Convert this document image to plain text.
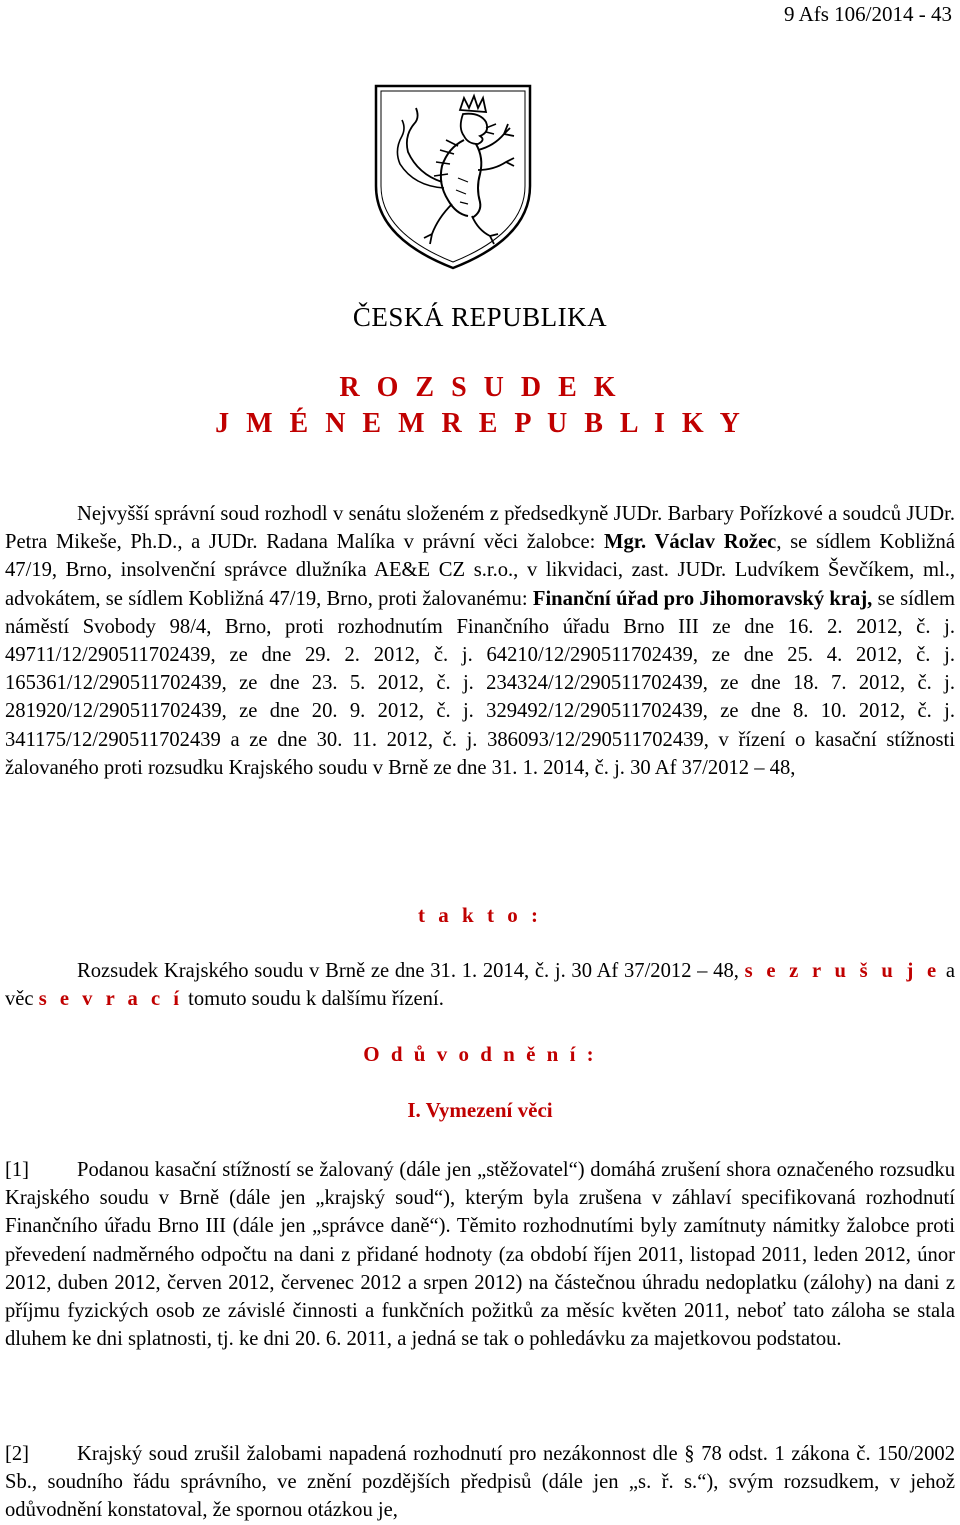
9 Afs 106/2014 - 43
ČESKÁ REPUBLIKA
R O Z S U D E K
J M É N E M R E P U B L I K Y
Nejvyšší správní soud rozhodl v senátu složeném z předsedkyně JUDr. Barbary Pořízkové a soudců JUDr. Petra Mikeše, Ph.D., a JUDr. Radana Malíka v právní věci žalobce: Mgr. Václav Rožec, se sídlem Kobližná 47/19, Brno, insolvenční správce dlužníka AE&E CZ s.r.o., v likvidaci, zast. JUDr. Ludvíkem Ševčíkem, ml., advokátem, se sídlem Kobližná 47/19, Brno, proti žalovanému: Finanční úřad pro Jihomoravský kraj, se sídlem náměstí Svobody 98/4, Brno, proti rozhodnutím Finančního úřadu Brno III ze dne 16. 2. 2012, č. j. 49711/12/290511702439, ze dne 29. 2. 2012, č. j. 64210/12/290511702439, ze dne 25. 4. 2012, č. j. 165361/12/290511702439, ze dne 23. 5. 2012, č. j. 234324/12/290511702439, ze dne 18. 7. 2012, č. j. 281920/12/290511702439, ze dne 20. 9. 2012, č. j. 329492/12/290511702439, ze dne 8. 10. 2012, č. j. 341175/12/290511702439 a ze dne 30. 11. 2012, č. j. 386093/12/290511702439, v řízení o kasační stížnosti žalovaného proti rozsudku Krajského soudu v Brně ze dne 31. 1. 2014, č. j. 30 Af 37/2012 – 48,
t a k t o :
Rozsudek Krajského soudu v Brně ze dne 31. 1. 2014, č. j. 30 Af 37/2012 – 48, s e z r u š u j e a věc s e v r a c í tomuto soudu k dalšímu řízení.
O d ů v o d n ě n í :
I. Vymezení věci
[1] Podanou kasační stížností se žalovaný (dále jen „stěžovatel“) domáhá zrušení shora označeného rozsudku Krajského soudu v Brně (dále jen „krajský soud“), kterým byla zrušena v záhlaví specifikovaná rozhodnutí Finančního úřadu Brno III (dále jen „správce daně“). Těmito rozhodnutími byly zamítnuty námitky žalobce proti převedení nadměrného odpočtu na dani z přidané hodnoty (za období říjen 2011, listopad 2011, leden 2012, únor 2012, duben 2012, červen 2012, červenec 2012 a srpen 2012) na částečnou úhradu nedoplatku (zálohy) na dani z příjmu fyzických osob ze závislé činnosti a funkčních požitků za měsíc květen 2011, neboť tato záloha se stala dluhem ke dni splatnosti, tj. ke dni 20. 6. 2011, a jedná se tak o pohledávku za majetkovou podstatou.
[2] Krajský soud zrušil žalobami napadená rozhodnutí pro nezákonnost dle § 78 odst. 1 zákona č. 150/2002 Sb., soudního řádu správního, ve znění pozdějších předpisů (dále jen „s. ř. s.“), svým rozsudkem, v jehož odůvodnění konstatoval, že spornou otázkou je,
